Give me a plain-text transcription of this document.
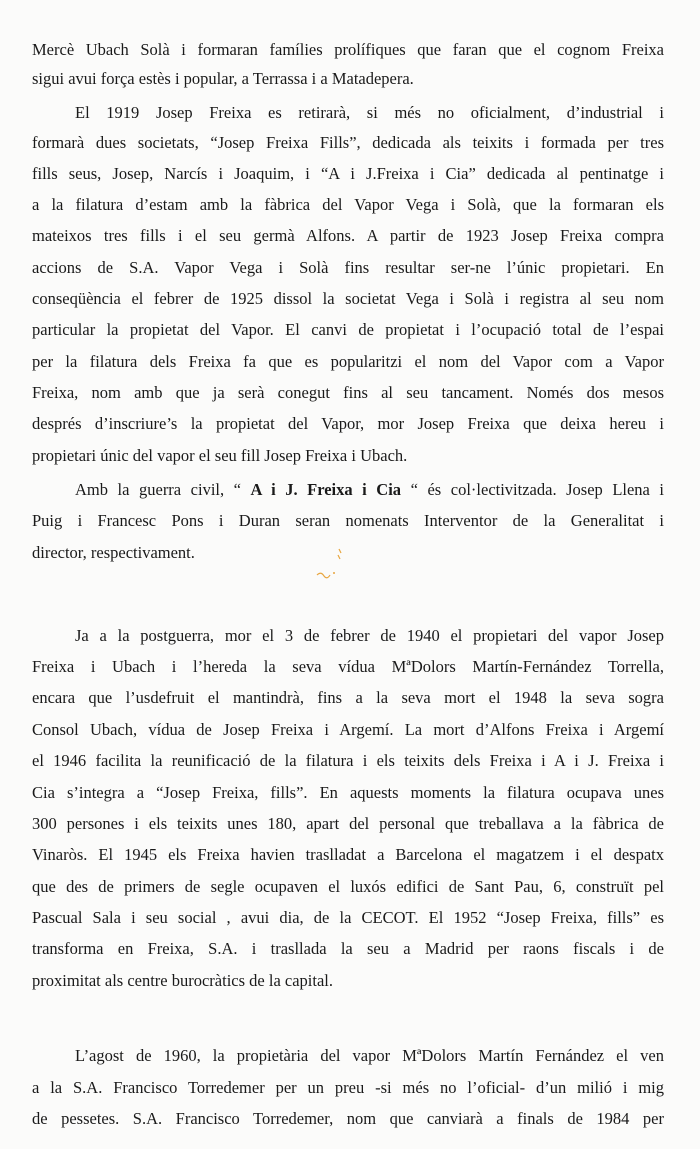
Mercè Ubach Solà i formaran famílies prolífiques que faran que el cognom Freixa
sigui avui força estès i popular, a Terrassa i a Matadepera.
El 1919 Josep Freixa es retirarà, si més no oficialment, d’industrial i
formarà dues societats, “Josep Freixa Fills”, dedicada als teixits i formada per tres
fills seus, Josep, Narcís i Joaquim, i “A i J.Freixa i Cia” dedicada al pentinatge i
a la filatura d’estam amb la fàbrica del Vapor Vega i Solà, que la formaran els
mateixos tres fills i el seu germà Alfons. A partir de 1923 Josep Freixa compra
accions de S.A. Vapor Vega i Solà fins resultar ser-ne l’únic propietari. En
conseqüència el febrer de 1925 dissol la societat Vega i Solà i registra al seu nom
particular la propietat del Vapor. El canvi de propietat i l’ocupació total de l’espai
per la filatura dels Freixa fa que es popularitzi el nom del Vapor com a Vapor
Freixa, nom amb que ja serà conegut fins al seu tancament. Només dos mesos
després d’inscriure’s la propietat del Vapor, mor Josep Freixa que deixa hereu i
propietari únic del vapor el seu fill Josep Freixa i Ubach.
Amb la guerra civil, “ A i J. Freixa i Cia “ és col·lectivitzada. Josep Llena i
Puig i Francesc Pons i Duran seran nomenats Interventor de la Generalitat i
director, respectivament.
Ja a la postguerra, mor el 3 de febrer de 1940 el propietari del vapor Josep
Freixa i Ubach i l’hereda la seva vídua MªDolors Martín-Fernández Torrella,
encara que l’usdefruit el mantindrà, fins a la seva mort el 1948 la seva sogra
Consol Ubach, vídua de Josep Freixa i Argemí. La mort d’Alfons Freixa i Argemí
el 1946 facilita la reunificació de la filatura i els teixits dels Freixa i A i J. Freixa i
Cia s’integra a “Josep Freixa, fills”. En aquests moments la filatura ocupava unes
300 persones i els teixits unes 180, apart del personal que treballava a la fàbrica de
Vinaròs. El 1945 els Freixa havien traslladat a Barcelona el magatzem i el despatx
que des de primers de segle ocupaven el luxós edifici de Sant Pau, 6, construït pel
Pascual Sala i seu social , avui dia, de la CECOT. El 1952 “Josep Freixa, fills” es
transforma en Freixa, S.A. i trasllada la seu a Madrid per raons fiscals i de
proximitat als centre burocràtics de la capital.
L’agost de 1960, la propietària del vapor MªDolors Martín Fernández el ven
a la S.A. Francisco Torredemer per un preu -si més no l’oficial- d’un milió i mig
de pessetes. S.A. Francisco Torredemer, nom que canviarà a finals de 1984 per
